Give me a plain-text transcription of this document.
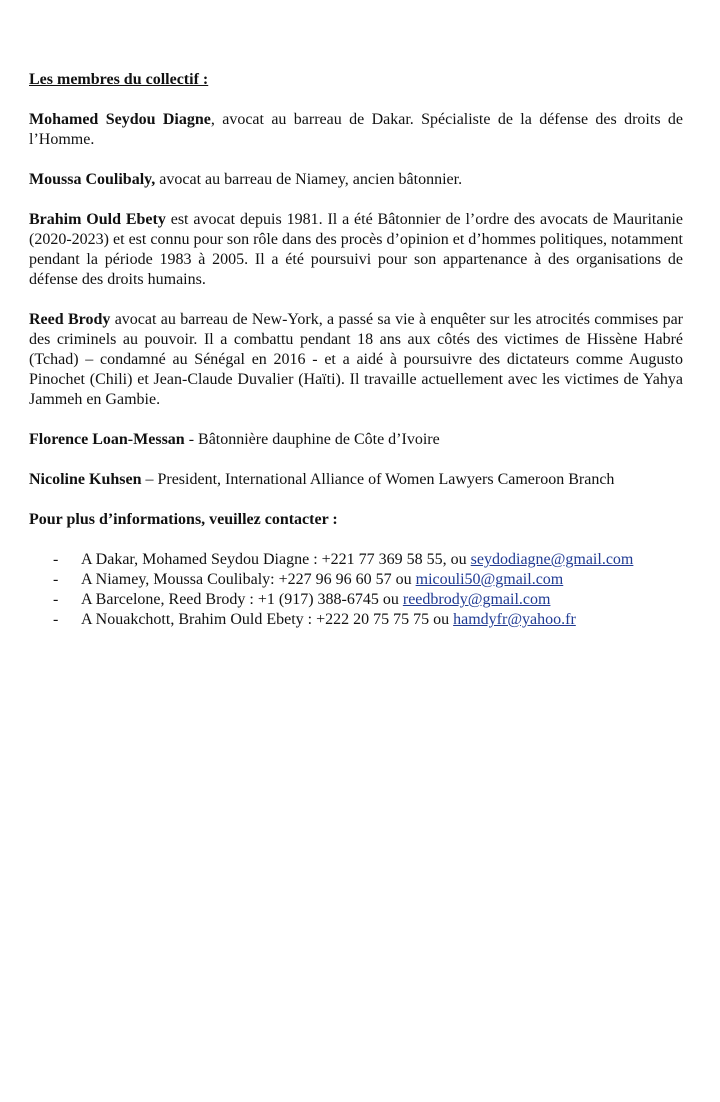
Les membres du collectif :

Mohamed Seydou Diagne, avocat au barreau de Dakar. Spécialiste de la défense des droits de l’Homme.

Moussa Coulibaly, avocat au barreau de Niamey, ancien bâtonnier.

Brahim Ould Ebety est avocat depuis 1981. Il a été Bâtonnier de l’ordre des avocats de Mauritanie (2020-2023) et est connu pour son rôle dans des procès d’opinion et d’hommes politiques, notamment pendant la période 1983 à 2005. Il a été poursuivi pour son appartenance à des organisations de défense des droits humains.

Reed Brody avocat au barreau de New-York, a passé sa vie à enquêter sur les atrocités commises par des criminels au pouvoir. Il a combattu pendant 18 ans aux côtés des victimes de Hissène Habré (Tchad) – condamné au Sénégal en 2016 - et a aidé à poursuivre des dictateurs comme Augusto Pinochet (Chili) et Jean-Claude Duvalier (Haïti). Il travaille actuellement avec les victimes de Yahya Jammeh en Gambie.

Florence Loan-Messan - Bâtonnière dauphine de Côte d’Ivoire

Nicoline Kuhsen – President, International Alliance of Women Lawyers Cameroon Branch

Pour plus d’informations, veuillez contacter :

- A Dakar, Mohamed Seydou Diagne : +221 77 369 58 55, ou seydodiagne@gmail.com
- A Niamey, Moussa Coulibaly: +227 96 96 60 57 ou micouli50@gmail.com
- A Barcelone, Reed Brody : +1 (917) 388-6745 ou reedbrody@gmail.com
- A Nouakchott, Brahim Ould Ebety : +222 20 75 75 75 ou hamdyfr@yahoo.fr
